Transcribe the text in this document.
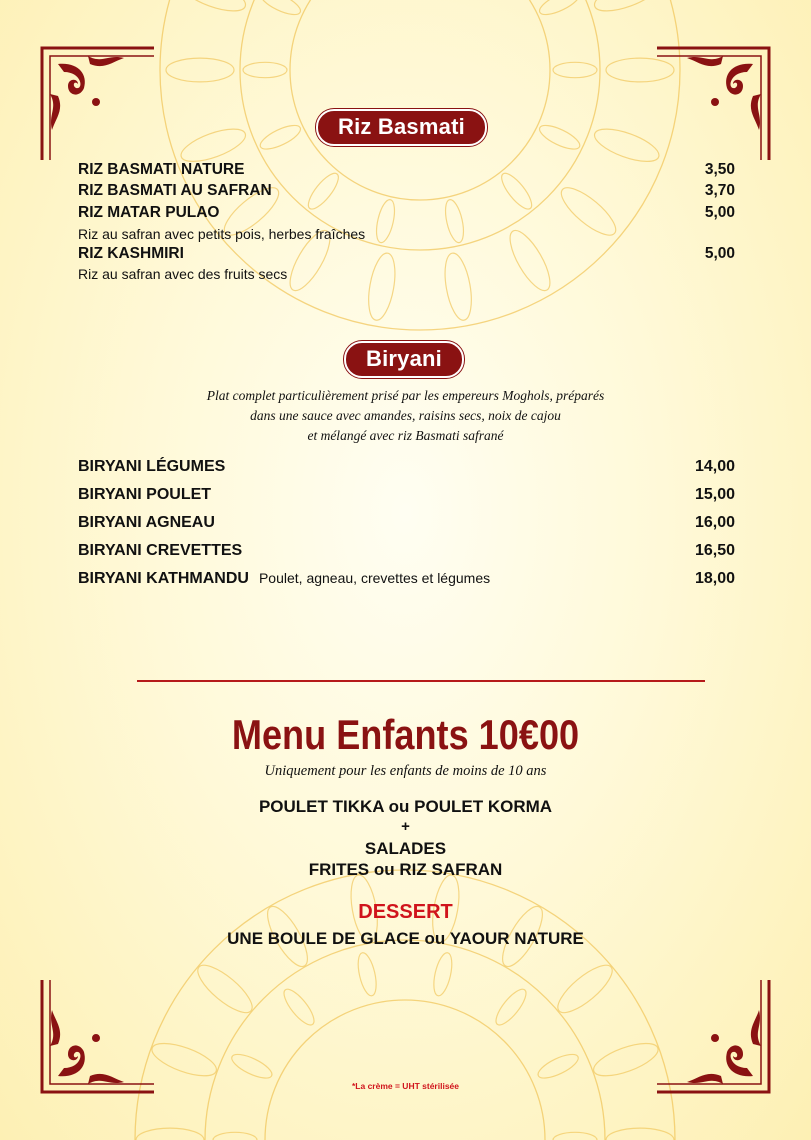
Riz Basmati
RIZ BASMATI NATURE	3,50
RIZ BASMATI AU SAFRAN	3,70
RIZ MATAR PULAO	5,00
Riz au safran avec petits pois, herbes fraîches
RIZ KASHMIRI	5,00
Riz au safran avec des fruits secs
Biryani
Plat complet particulièrement prisé par les empereurs Moghols, préparés
dans une sauce avec amandes, raisins secs, noix de cajou
et mélangé avec riz Basmati safrané
BIRYANI LÉGUMES	14,00
BIRYANI POULET	15,00
BIRYANI AGNEAU	16,00
BIRYANI CREVETTES	16,50
BIRYANI KATHMANDU Poulet, agneau, crevettes et légumes	18,00
Menu Enfants 10€00
Uniquement pour les enfants de moins de 10 ans
POULET TIKKA ou POULET KORMA
+
SALADES
FRITES ou RIZ SAFRAN
DESSERT
UNE BOULE DE GLACE ou YAOUR NATURE
*La crème = UHT stérilisée
